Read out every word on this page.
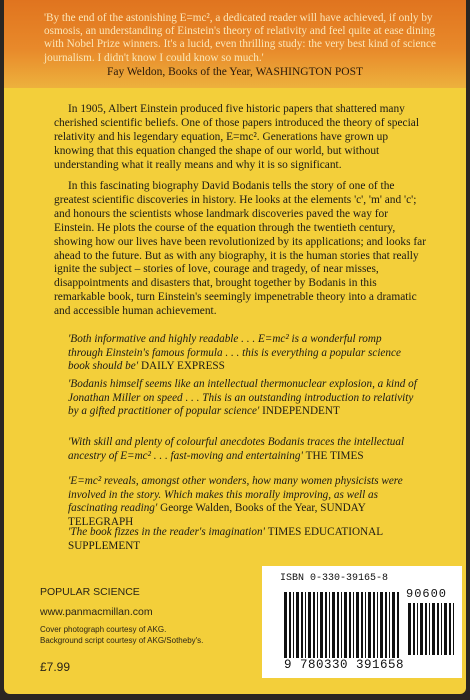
'By the end of the astonishing E=mc², a dedicated reader will have achieved, if only by osmosis, an understanding of Einstein's theory of relativity and feel quite at ease dining with Nobel Prize winners. It's a lucid, even thrilling study: the very best kind of science journalism. I didn't know I could know so much.'

Fay Weldon, Books of the Year, WASHINGTON POST

In 1905, Albert Einstein produced five historic papers that shattered many cherished scientific beliefs. One of those papers introduced the theory of special relativity and his legendary equation, E=mc². Generations have grown up knowing that this equation changed the shape of our world, but without understanding what it really means and why it is so significant.

In this fascinating biography David Bodanis tells the story of one of the greatest scientific discoveries in history. He looks at the elements 'c', 'm' and 'c'; and honours the scientists whose landmark discoveries paved the way for Einstein. He plots the course of the equation through the twentieth century, showing how our lives have been revolutionized by its applications; and looks far ahead to the future. But as with any biography, it is the human stories that really ignite the subject – stories of love, courage and tragedy, of near misses, disappointments and disasters that, brought together by Bodanis in this remarkable book, turn Einstein's seemingly impenetrable theory into a dramatic and accessible human achievement.

'Both informative and highly readable . . . E=mc² is a wonderful romp through Einstein's famous formula . . . this is everything a popular science book should be' DAILY EXPRESS

'Bodanis himself seems like an intellectual thermonuclear explosion, a kind of Jonathan Miller on speed . . . This is an outstanding introduction to relativity by a gifted practitioner of popular science' INDEPENDENT

'With skill and plenty of colourful anecdotes Bodanis traces the intellectual ancestry of E=mc² . . . fast-moving and entertaining' THE TIMES

'E=mc² reveals, amongst other wonders, how many women physicists were involved in the story. Which makes this morally improving, as well as fascinating reading' George Walden, Books of the Year, SUNDAY TELEGRAPH

'The book fizzes in the reader's imagination' TIMES EDUCATIONAL SUPPLEMENT

POPULAR SCIENCE

www.panmacmillan.com

Cover photograph courtesy of AKG.

Background script courtesy of AKG/Sotheby's.

£7.99

ISBN 0-330-39165-8

90600

9 780330 391658
